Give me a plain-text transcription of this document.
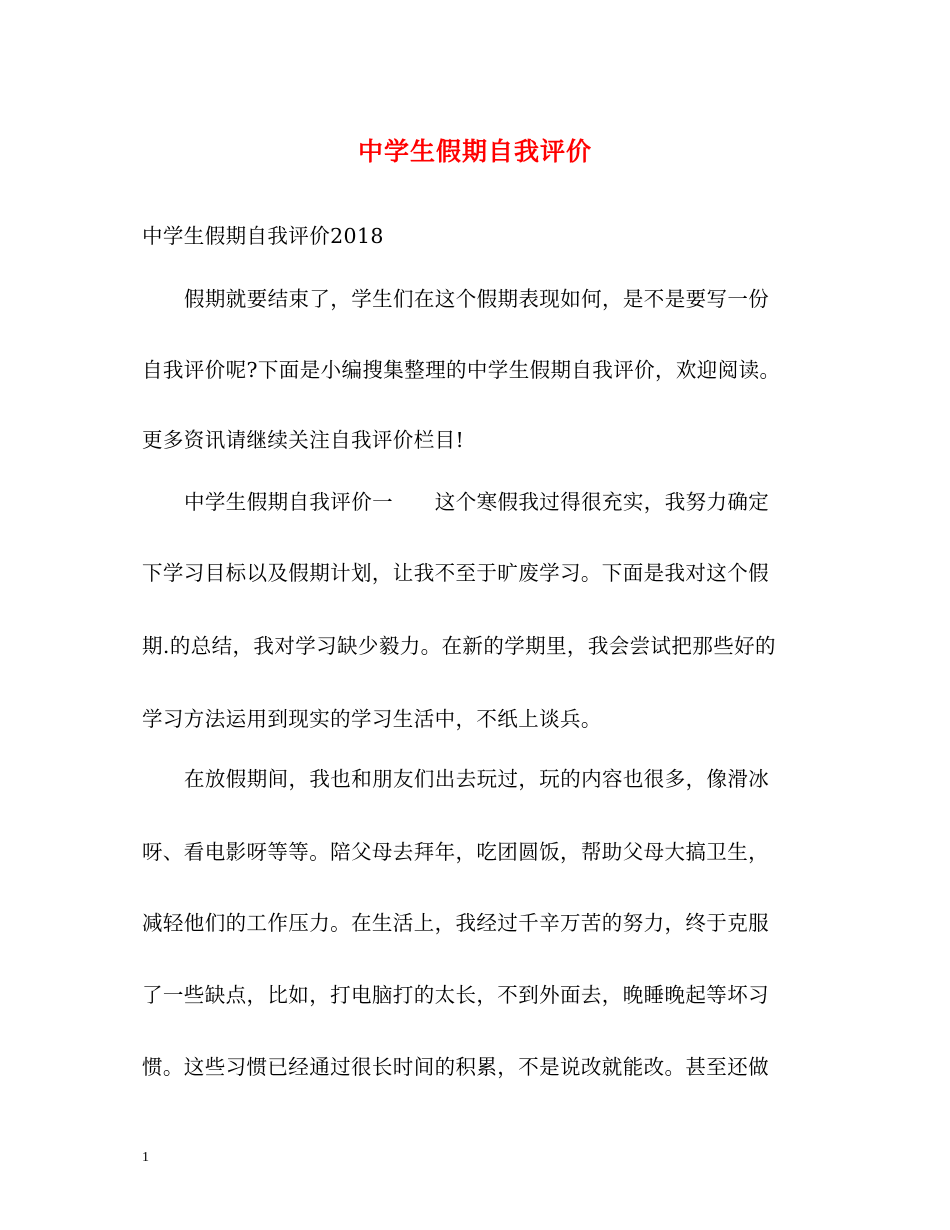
中学生假期自我评价
中学生假期自我评价2018
假期就要结束了，学生们在这个假期表现如何，是不是要写一份
自我评价呢?下面是小编搜集整理的中学生假期自我评价，欢迎阅读。
更多资讯请继续关注自我评价栏目!
中学生假期自我评价一　　这个寒假我过得很充实，我努力确定
下学习目标以及假期计划，让我不至于旷废学习。下面是我对这个假
期.的总结，我对学习缺少毅力。在新的学期里，我会尝试把那些好的
学习方法运用到现实的学习生活中，不纸上谈兵。
在放假期间，我也和朋友们出去玩过，玩的内容也很多，像滑冰
呀、看电影呀等等。陪父母去拜年，吃团圆饭，帮助父母大搞卫生，
减轻他们的工作压力。在生活上，我经过千辛万苦的努力，终于克服
了一些缺点，比如，打电脑打的太长，不到外面去，晚睡晚起等坏习
惯。这些习惯已经通过很长时间的积累，不是说改就能改。甚至还做
1
